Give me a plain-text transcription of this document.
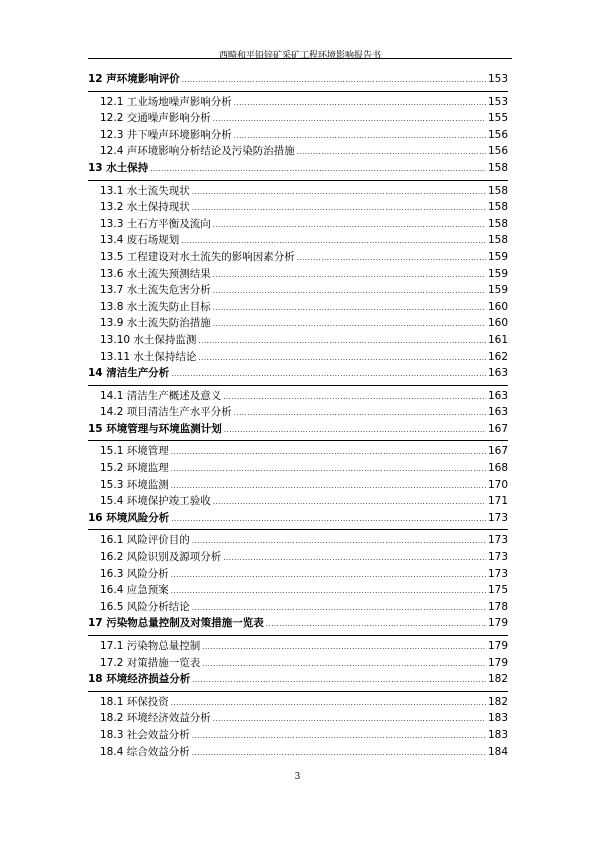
西畸和平铅锌矿采矿工程环境影响报告书
12 声环境影响评价 .....	153
12.1 工业场地噪声影响分析 .....	153
12.2 交通噪声影响分析 .....	155
12.3 井下噪声环境影响分析 .....	156
12.4 声环境影响分析结论及污染防治措施 .....	156
13 水土保持 .....	158
13.1 水土流失现状 .....	158
13.2 水土保持现状 .....	158
13.3 土石方平衡及流向 .....	158
13.4 废石场规划 .....	158
13.5 工程建设对水土流失的影响因素分析 .....	159
13.6 水土流失预测结果 .....	159
13.7 水土流失危害分析 .....	159
13.8 水土流失防止目标 .....	160
13.9 水土流失防治措施 .....	160
13.10 水土保持监测 .....	161
13.11 水土保持结论 .....	162
14 清洁生产分析 .....	163
14.1 清洁生产概述及意义 .....	163
14.2 项目清洁生产水平分析 .....	163
15 环境管理与环境监测计划 .....	167
15.1 环境管理 .....	167
15.2 环境监理 .....	168
15.3 环境监测 .....	170
15.4 环境保护竣工验收 .....	171
16 环境风险分析 .....	173
16.1 风险评价目的 .....	173
16.2 风险识别及源项分析 .....	173
16.3 风险分析 .....	173
16.4 应急预案 .....	175
16.5 风险分析结论 .....	178
17 污染物总量控制及对策措施一览表 .....	179
17.1 污染物总量控制 .....	179
17.2 对策措施一览表 .....	179
18 环境经济损益分析 .....	182
18.1 环保投资 .....	182
18.2 环境经济效益分析 .....	183
18.3 社会效益分析 .....	183
18.4 综合效益分析 .....	184
3
